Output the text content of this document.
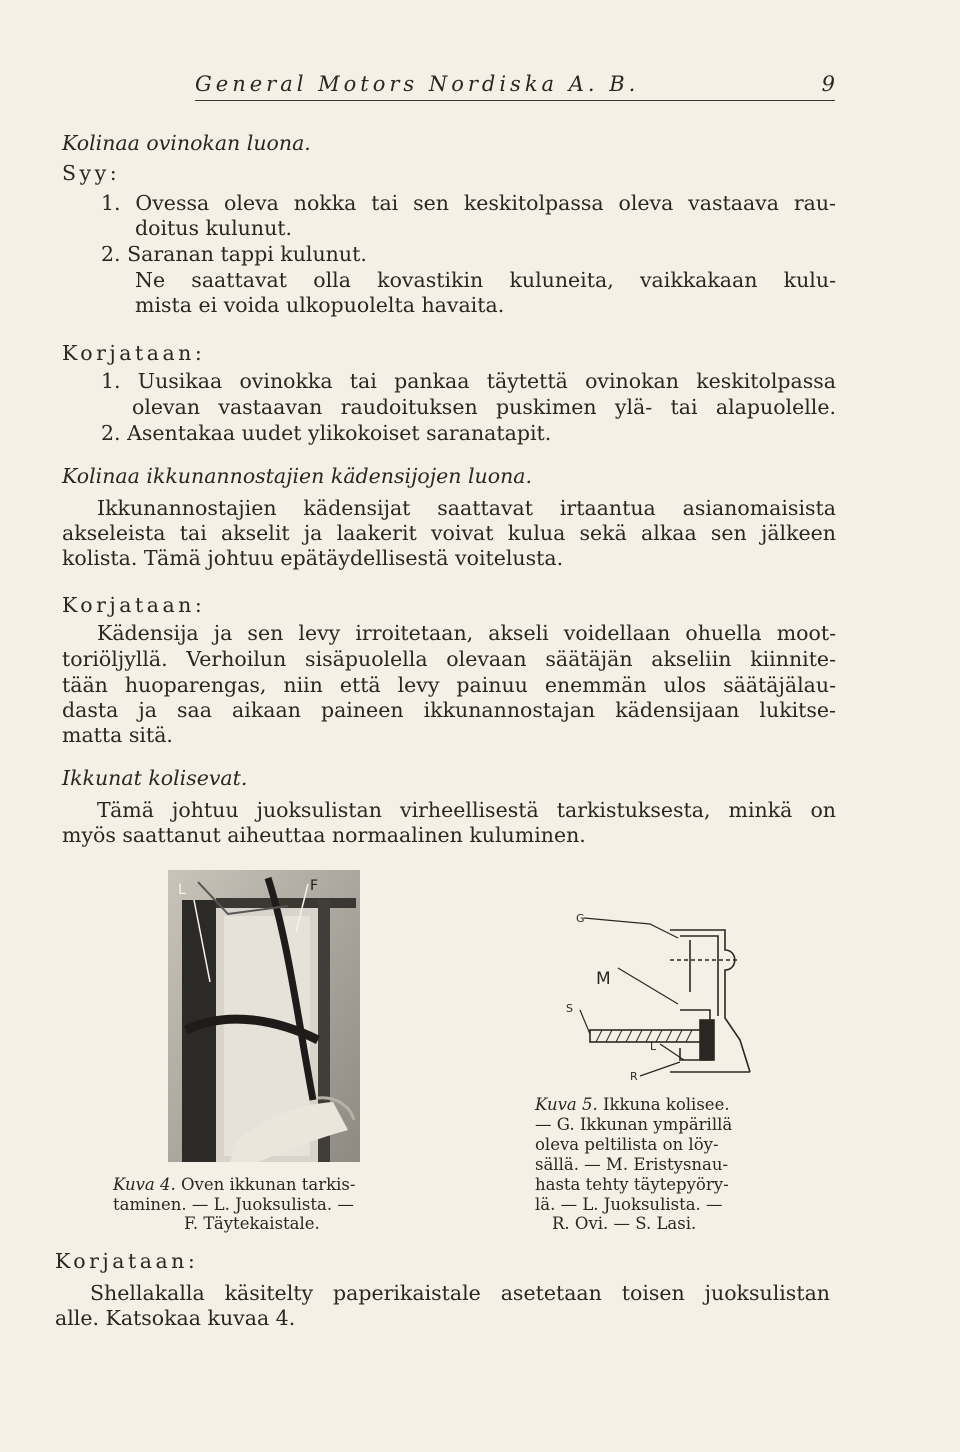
General Motors Nordiska A. B.	9
Kolinaa ovinokan luona.
Syy:
1. Ovessa oleva nokka tai sen keskitolpassa oleva vastaava rau-
doitus kulunut.
2. Saranan tappi kulunut.
Ne saattavat olla kovastikin kuluneita, vaikkakaan kulu-
mista ei voida ulkopuolelta havaita.
Korjataan:
1. Uusikaa ovinokka tai pankaa täytettä ovinokan keskitolpassa
olevan vastaavan raudoituksen puskimen ylä- tai alapuolelle.
2. Asentakaa uudet ylikokoiset saranatapit.
Kolinaa ikkunannostajien kädensijojen luona.
Ikkunannostajien kädensijat saattavat irtaantua asianomaisista
akseleista tai akselit ja laakerit voivat kulua sekä alkaa sen jälkeen
kolista. Tämä johtuu epätäydellisestä voitelusta.
Korjataan:
Kädensija ja sen levy irroitetaan, akseli voidellaan ohuella moot-
toriöljyllä. Verhoilun sisäpuolella olevaan säätäjän akseliin kiinnite-
tään huoparengas, niin että levy painuu enemmän ulos säätäjälau-
dasta ja saa aikaan paineen ikkunannostajan kädensijaan lukitse-
matta sitä.
Ikkunat kolisevat.
Tämä johtuu juoksulistan virheellisestä tarkistuksesta, minkä on
myös saattanut aiheuttaa normaalinen kuluminen.
L	F
G
M
S
L
R
Kuva 5. Ikkuna kolisee.
— G. Ikkunan ympärillä
oleva peltilista on löy-
sällä. — M. Eristysnau-
hasta tehty täytepyöry-
lä. — L. Juoksulista. —
R. Ovi. — S. Lasi.
Kuva 4. Oven ikkunan tarkis-
taminen. — L. Juoksulista. —
F. Täytekaistale.
Korjataan:
Shellakalla käsitelty paperikaistale asetetaan toisen juoksulistan
alle. Katsokaa kuvaa 4.
